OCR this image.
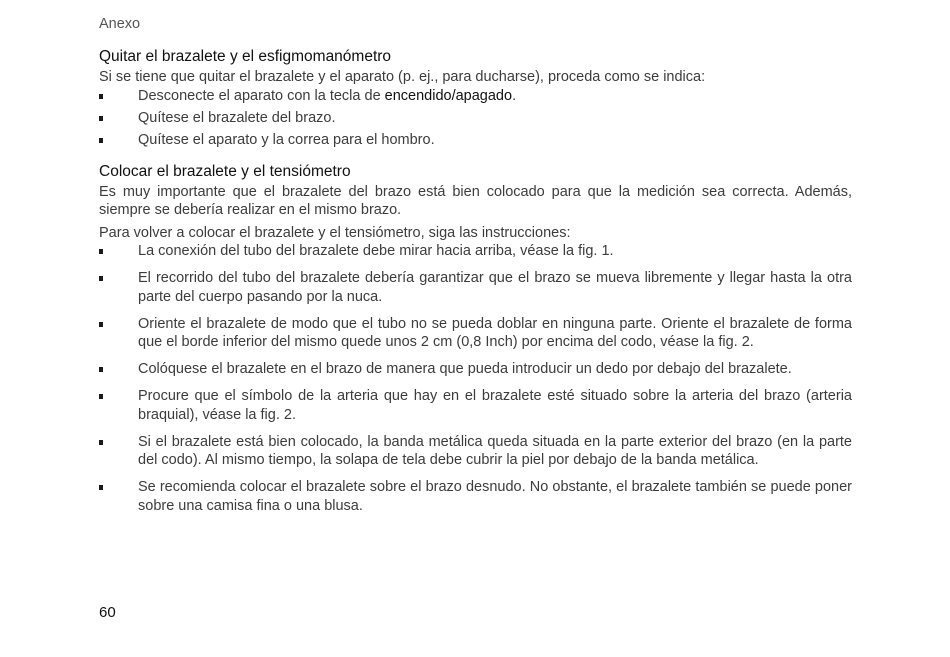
Anexo
Quitar el brazalete y el esfigmomanómetro

Si se tiene que quitar el brazalete y el aparato (p. ej., para ducharse), proceda como se indica:

Desconecte el aparato con la tecla de encendido/apagado.
Quítese el brazalete del brazo.
Quítese el aparato y la correa para el hombro.
Colocar el brazalete y el tensiómetro

Es muy importante que el brazalete del brazo está bien colocado para que la medición sea correcta. Además, siempre se debería realizar en el mismo brazo.

Para volver a colocar el brazalete y el tensiómetro, siga las instrucciones:

La conexión del tubo del brazalete debe mirar hacia arriba, véase la fig. 1.
El recorrido del tubo del brazalete debería garantizar que el brazo se mueva libremente y llegar hasta la otra parte del cuerpo pasando por la nuca.
Oriente el brazalete de modo que el tubo no se pueda doblar en ninguna parte. Oriente el brazalete de forma que el borde inferior del mismo quede unos 2 cm (0,8 Inch) por encima del codo, véase la fig. 2.
Colóquese el brazalete en el brazo de manera que pueda introducir un dedo por debajo del brazalete.
Procure que el símbolo de la arteria que hay en el brazalete esté situado sobre la arteria del brazo (arteria braquial), véase la fig. 2.
Si el brazalete está bien colocado, la banda metálica queda situada en la parte exterior del brazo (en la parte del codo). Al mismo tiempo, la solapa de tela debe cubrir la piel por debajo de la banda metálica.
Se recomienda colocar el brazalete sobre el brazo desnudo. No obstante, el brazalete también se puede poner sobre una camisa fina o una blusa.
60
